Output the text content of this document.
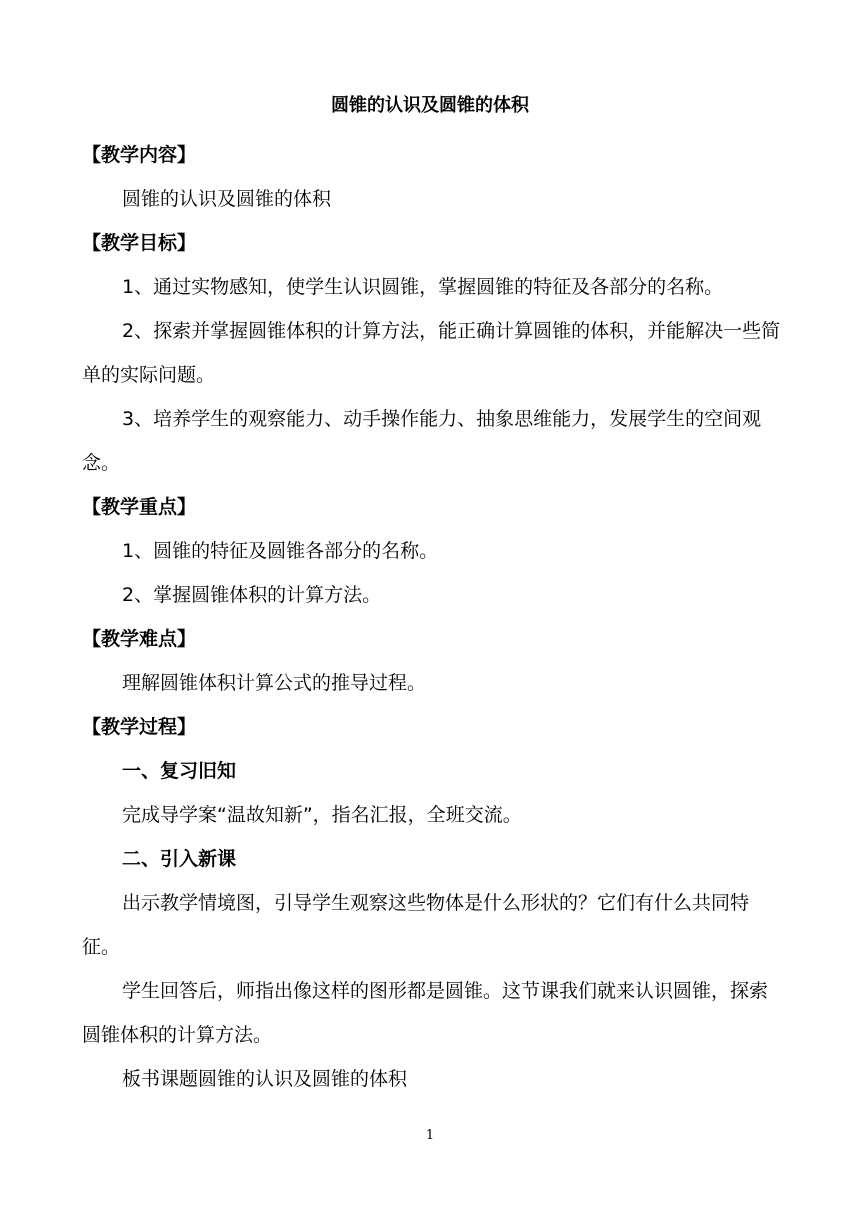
圆锥的认识及圆锥的体积

【教学内容】

圆锥的认识及圆锥的体积

【教学目标】

1、通过实物感知，使学生认识圆锥，掌握圆锥的特征及各部分的名称。

2、探索并掌握圆锥体积的计算方法，能正确计算圆锥的体积，并能解决一些简单的实际问题。

3、培养学生的观察能力、动手操作能力、抽象思维能力，发展学生的空间观念。

【教学重点】

1、圆锥的特征及圆锥各部分的名称。

2、掌握圆锥体积的计算方法。

【教学难点】

理解圆锥体积计算公式的推导过程。

【教学过程】

一、复习旧知

完成导学案“温故知新”，指名汇报，全班交流。

二、引入新课

出示教学情境图，引导学生观察这些物体是什么形状的？它们有什么共同特征。

学生回答后，师指出像这样的图形都是圆锥。这节课我们就来认识圆锥，探索圆锥体积的计算方法。

板书课题圆锥的认识及圆锥的体积

1
